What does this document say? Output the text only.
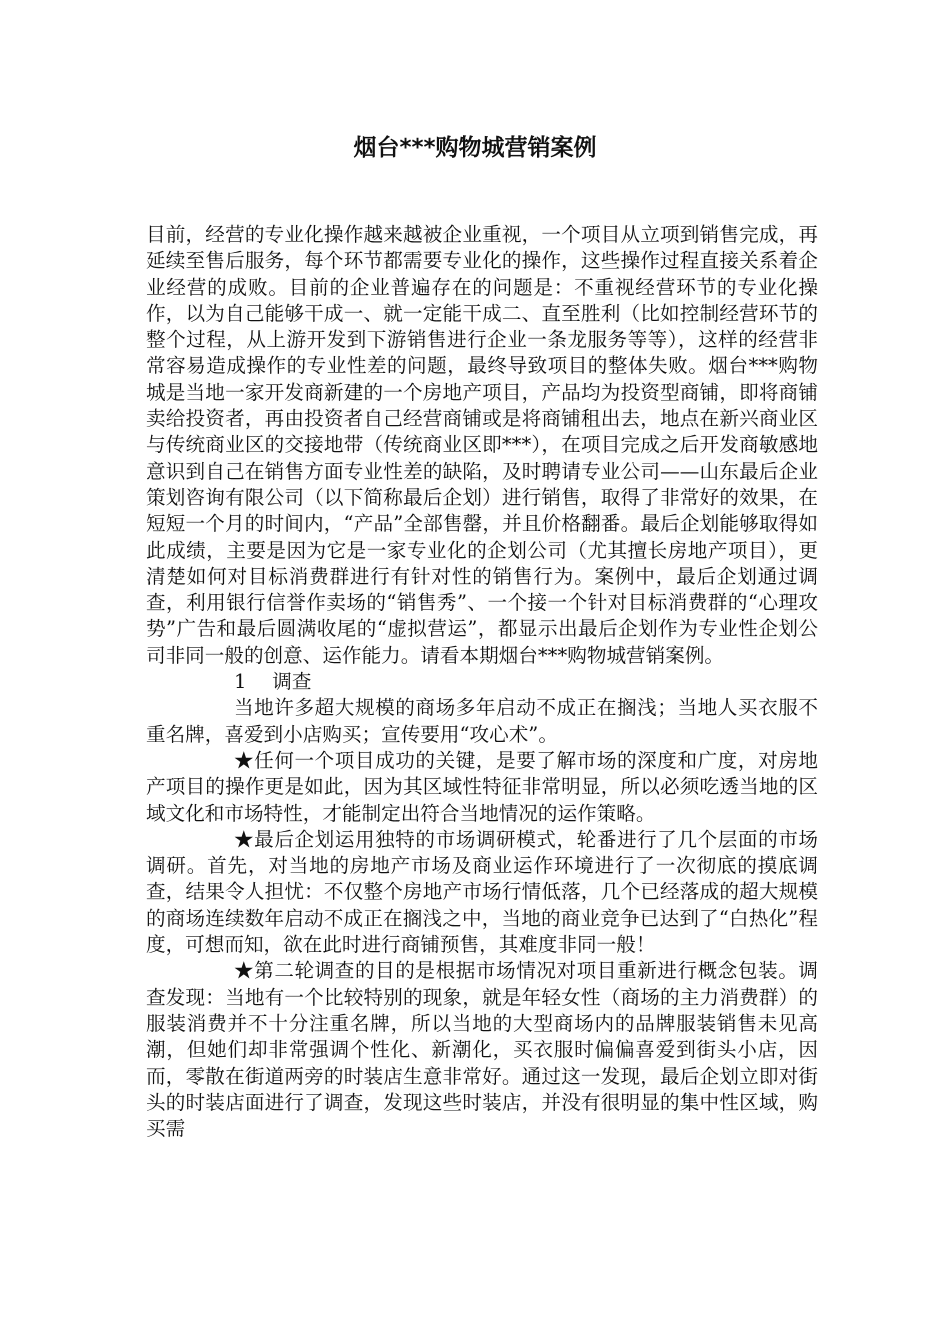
烟台***购物城营销案例

目前，经营的专业化操作越来越被企业重视，一个项目从立项到销售完成，再延续至售后服务，每个环节都需要专业化的操作，这些操作过程直接关系着企业经营的成败。目前的企业普遍存在的问题是：不重视经营环节的专业化操作，以为自己能够干成一、就一定能干成二、直至胜利（比如控制经营环节的整个过程，从上游开发到下游销售进行企业一条龙服务等等），这样的经营非常容易造成操作的专业性差的问题，最终导致项目的整体失败。烟台***购物城是当地一家开发商新建的一个房地产项目，产品均为投资型商铺，即将商铺卖给投资者，再由投资者自己经营商铺或是将商铺租出去，地点在新兴商业区与传统商业区的交接地带（传统商业区即***），在项目完成之后开发商敏感地意识到自己在销售方面专业性差的缺陷，及时聘请专业公司——山东最后企业策划咨询有限公司（以下简称最后企划）进行销售，取得了非常好的效果，在短短一个月的时间内，“产品”全部售罄，并且价格翻番。最后企划能够取得如此成绩，主要是因为它是一家专业化的企划公司（尤其擅长房地产项目），更清楚如何对目标消费群进行有针对性的销售行为。案例中，最后企划通过调查，利用银行信誉作卖场的“销售秀”、一个接一个针对目标消费群的“心理攻势”广告和最后圆满收尾的“虚拟营运”，都显示出最后企划作为专业性企划公司非同一般的创意、运作能力。请看本期烟台***购物城营销案例。

1　 调查

当地许多超大规模的商场多年启动不成正在搁浅；当地人买衣服不重名牌，喜爱到小店购买；宣传要用“攻心术”。

★任何一个项目成功的关键，是要了解市场的深度和广度，对房地产项目的操作更是如此，因为其区域性特征非常明显，所以必须吃透当地的区域文化和市场特性，才能制定出符合当地情况的运作策略。

★最后企划运用独特的市场调研模式，轮番进行了几个层面的市场调研。首先，对当地的房地产市场及商业运作环境进行了一次彻底的摸底调查，结果令人担忧：不仅整个房地产市场行情低落，几个已经落成的超大规模的商场连续数年启动不成正在搁浅之中，当地的商业竞争已达到了“白热化”程度，可想而知，欲在此时进行商铺预售，其难度非同一般！

★第二轮调查的目的是根据市场情况对项目重新进行概念包装。调查发现：当地有一个比较特别的现象，就是年轻女性（商场的主力消费群）的服装消费并不十分注重名牌，所以当地的大型商场内的品牌服装销售未见高潮，但她们却非常强调个性化、新潮化，买衣服时偏偏喜爱到街头小店，因而，零散在街道两旁的时装店生意非常好。通过这一发现，最后企划立即对街头的时装店面进行了调查，发现这些时装店，并没有很明显的集中性区域，购买需
